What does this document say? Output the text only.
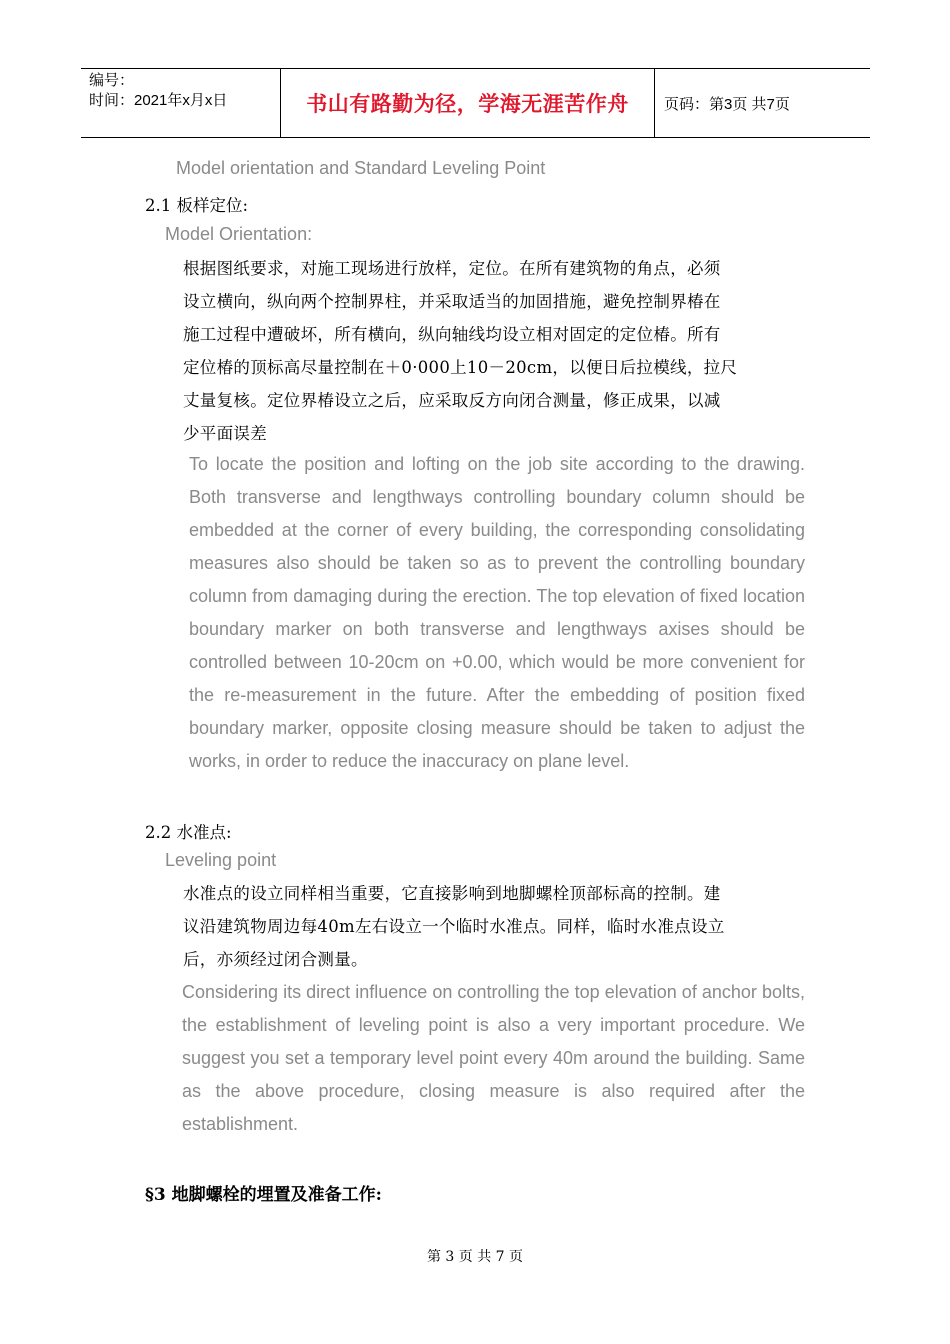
编号：
时间：2021年x月x日	书山有路勤为径，学海无涯苦作舟	页码：第3页 共7页
Model orientation and Standard Leveling Point
2.1 板样定位:
Model Orientation:
根据图纸要求，对施工现场进行放样，定位。在所有建筑物的角点，必须
设立横向，纵向两个控制界柱，并采取适当的加固措施，避免控制界椿在
施工过程中遭破坏，所有横向，纵向轴线均设立相对固定的定位椿。所有
定位椿的顶标高尽量控制在＋0·000上10－20cm，以便日后拉模线，拉尺
丈量复核。定位界椿设立之后，应采取反方向闭合测量，修正成果，以减
少平面误差
To locate the position and lofting on the job site according to the drawing. Both transverse and lengthways controlling boundary column should be embedded at the corner of every building, the corresponding consolidating measures also should be taken so as to prevent the controlling boundary column from damaging during the erection. The top elevation of fixed location boundary marker on both transverse and lengthways axises should be controlled between 10-20cm on +0.00, which would be more convenient for the re-measurement in the future. After the embedding of position fixed boundary marker, opposite closing measure should be taken to adjust the works, in order to reduce the inaccuracy on plane level.
2.2 水准点:
Leveling point
水准点的设立同样相当重要，它直接影响到地脚螺栓顶部标高的控制。建
议沿建筑物周边每40m左右设立一个临时水准点。同样，临时水准点设立
后，亦须经过闭合测量。
Considering its direct influence on controlling the top elevation of anchor bolts, the establishment of leveling point is also a very important procedure. We suggest you set a temporary level point every 40m around the building. Same as the above procedure, closing measure is also required after the establishment.
§3 地脚螺栓的埋置及准备工作:
第 3 页 共 7 页
